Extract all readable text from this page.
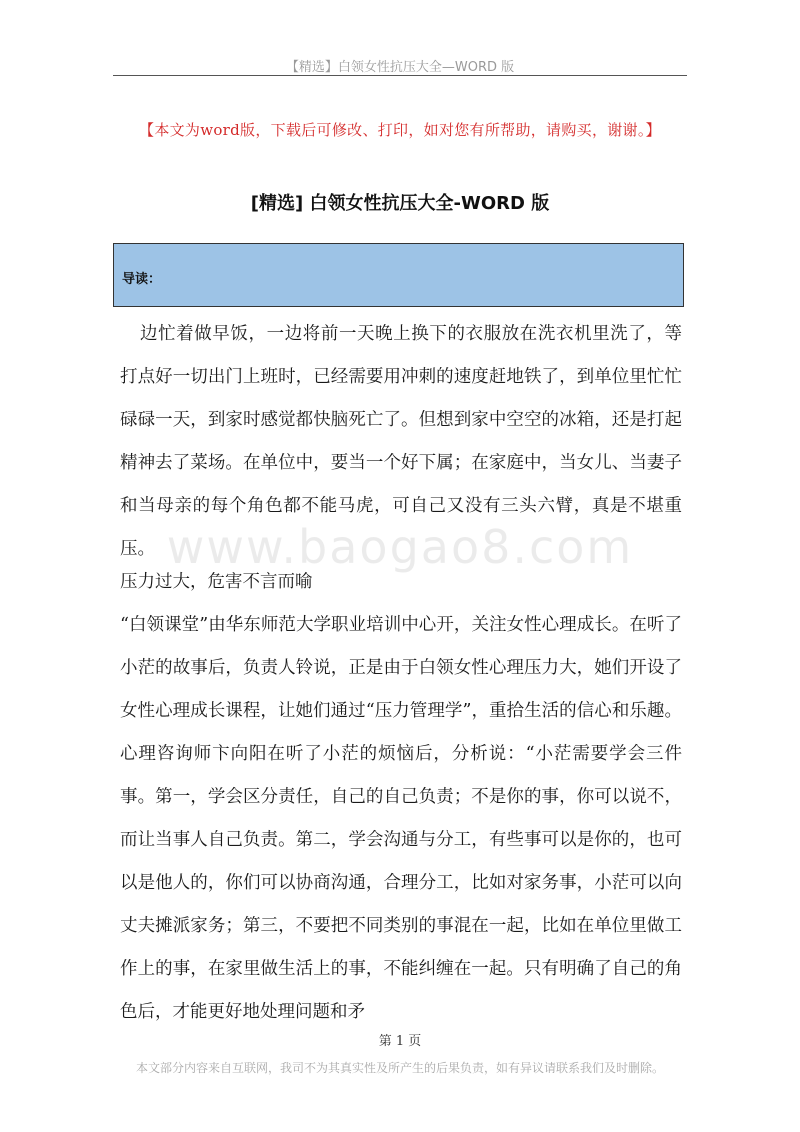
【精选】白领女性抗压大全—WORD 版
【本文为word版，下载后可修改、打印，如对您有所帮助，请购买，谢谢。】
[精选] 白领女性抗压大全-WORD 版
导读：
www.baogao8.com
边忙着做早饭，一边将前一天晚上换下的衣服放在洗衣机里洗了，等打点好一切出门上班时，已经需要用冲刺的速度赶地铁了，到单位里忙忙碌碌一天，到家时感觉都快脑死亡了。但想到家中空空的冰箱，还是打起精神去了菜场。在单位中，要当一个好下属；在家庭中，当女儿、当妻子和当母亲的每个角色都不能马虎，可自己又没有三头六臂，真是不堪重压。
压力过大，危害不言而喻
“白领课堂”由华东师范大学职业培训中心开，关注女性心理成长。在听了小茫的故事后，负责人铃说，正是由于白领女性心理压力大，她们开设了女性心理成长课程，让她们通过“压力管理学”，重拾生活的信心和乐趣。心理咨询师卞向阳在听了小茫的烦恼后，分析说：“小茫需要学会三件事。第一，学会区分责任，自己的自己负责；不是你的事，你可以说不，而让当事人自己负责。第二，学会沟通与分工，有些事可以是你的，也可以是他人的，你们可以协商沟通，合理分工，比如对家务事，小茫可以向丈夫摊派家务；第三，不要把不同类别的事混在一起，比如在单位里做工作上的事，在家里做生活上的事，不能纠缠在一起。只有明确了自己的角色后，才能更好地处理问题和矛
第 1 页
本文部分内容来自互联网，我司不为其真实性及所产生的后果负责，如有异议请联系我们及时删除。
